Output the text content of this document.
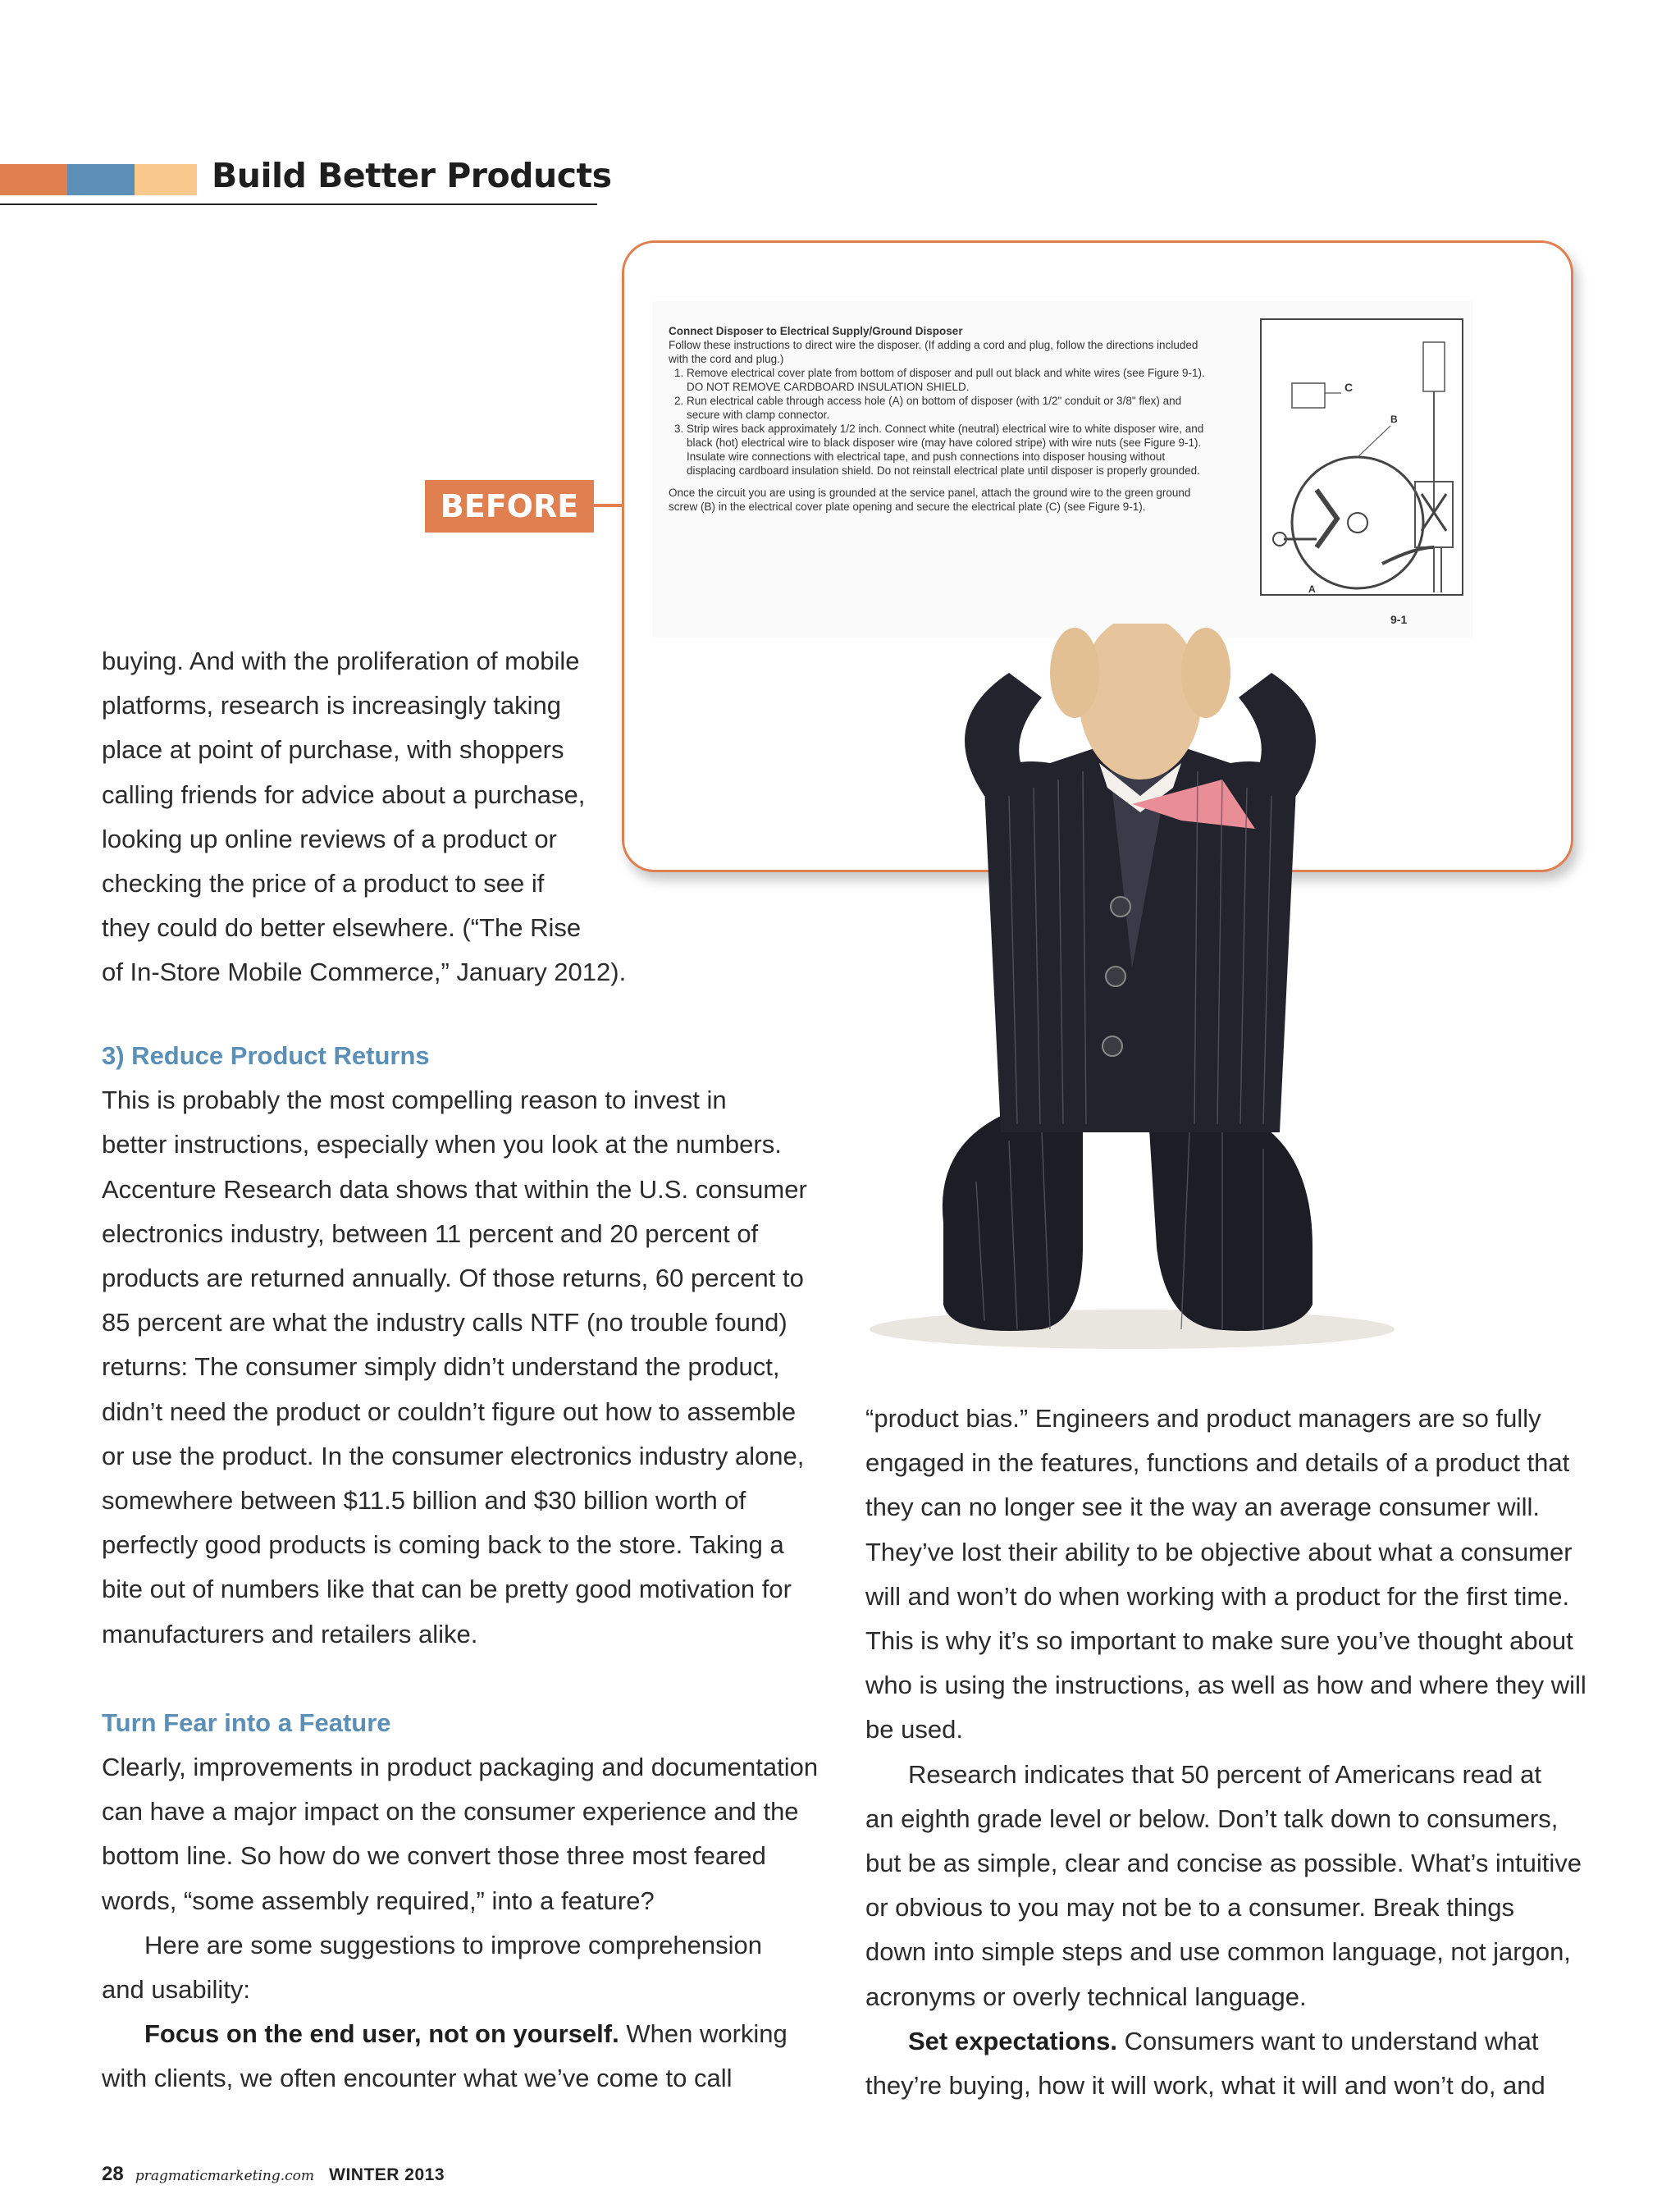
Build Better Products
BEFORE

Connect Disposer to Electrical Supply/Ground Disposer

Follow these instructions to direct wire the disposer. (If adding a cord and plug, follow the directions included with the cord and plug.)

1. Remove electrical cover plate from bottom of disposer and pull out black and white wires (see Figure 9-1). DO NOT REMOVE CARDBOARD INSULATION SHIELD.
2. Run electrical cable through access hole (A) on bottom of disposer (with 1/2" conduit or 3/8" flex) and secure with clamp connector.
3. Strip wires back approximately 1/2 inch. Connect white (neutral) electrical wire to white disposer wire, and black (hot) electrical wire to black disposer wire (may have colored stripe) with wire nuts (see Figure 9-1). Insulate wire connections with electrical tape, and push connections into disposer housing without displacing cardboard insulation shield. Do not reinstall electrical plate until disposer is properly grounded.

Once the circuit you are using is grounded at the service panel, attach the ground wire to the green ground screw (B) in the electrical cover plate opening and secure the electrical plate (C) (see Figure 9-1).

C
B
A
9-1

buying. And with the proliferation of mobile

platforms, research is increasingly taking

place at point of purchase, with shoppers

calling friends for advice about a purchase,

looking up online reviews of a product or

checking the price of a product to see if

they could do better elsewhere. (“The Rise

of In-Store Mobile Commerce,” January 2012).

3) Reduce Product Returns

This is probably the most compelling reason to invest in

better instructions, especially when you look at the numbers.

Accenture Research data shows that within the U.S. consumer

electronics industry, between 11 percent and 20 percent of

products are returned annually. Of those returns, 60 percent to

85 percent are what the industry calls NTF (no trouble found)

returns: The consumer simply didn’t understand the product,

didn’t need the product or couldn’t figure out how to assemble

or use the product. In the consumer electronics industry alone,

somewhere between $11.5 billion and $30 billion worth of

perfectly good products is coming back to the store. Taking a

bite out of numbers like that can be pretty good motivation for

manufacturers and retailers alike.

Turn Fear into a Feature

Clearly, improvements in product packaging and documentation

can have a major impact on the consumer experience and the

bottom line. So how do we convert those three most feared

words, “some assembly required,” into a feature?

Here are some suggestions to improve comprehension

and usability:

Focus on the end user, not on yourself. When working

with clients, we often encounter what we’ve come to call

“product bias.” Engineers and product managers are so fully

engaged in the features, functions and details of a product that

they can no longer see it the way an average consumer will.

They’ve lost their ability to be objective about what a consumer

will and won’t do when working with a product for the first time.

This is why it’s so important to make sure you’ve thought about

who is using the instructions, as well as how and where they will

be used.

Research indicates that 50 percent of Americans read at

an eighth grade level or below. Don’t talk down to consumers,

but be as simple, clear and concise as possible. What’s intuitive

or obvious to you may not be to a consumer. Break things

down into simple steps and use common language, not jargon,

acronyms or overly technical language.

Set expectations. Consumers want to understand what

they’re buying, how it will work, what it will and won’t do, and

28 pragmaticmarketing.com WINTER 2013
